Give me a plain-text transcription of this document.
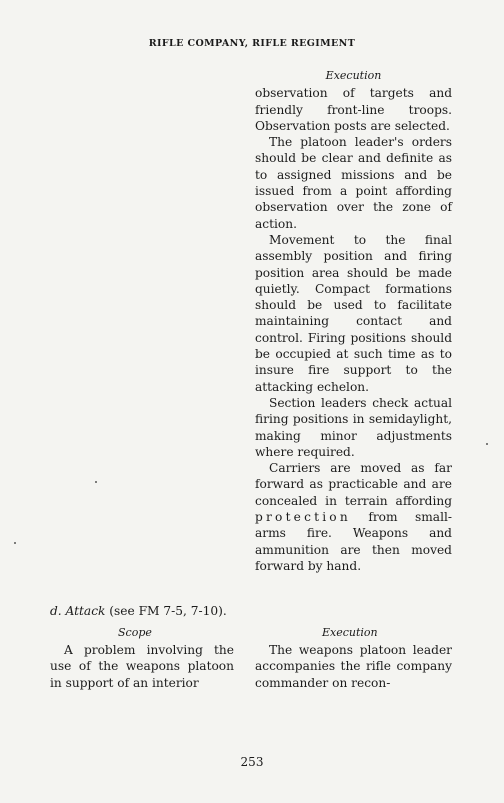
RIFLE COMPANY, RIFLE REGIMENT

Execution

observation of targets and friendly front-line troops. Observation posts are selected.

The platoon leader's orders should be clear and definite as to assigned missions and be issued from a point affording observation over the zone of action.

Movement to the final assembly position and firing position area should be made quietly. Compact formations should be used to facilitate maintaining contact and control. Firing positions should be occupied at such time as to insure fire support to the attacking echelon.

Section leaders check actual firing positions in semidaylight, making minor adjustments where required.

Carriers are moved as far forward as practicable and are concealed in terrain affording protection from small-arms fire. Weapons and ammunition are then moved forward by hand.

d. Attack (see FM 7-5, 7-10).
Scope	Execution

A problem involving the use of the weapons platoon in support of an interior

The weapons platoon leader accompanies the rifle company commander on recon-

253
